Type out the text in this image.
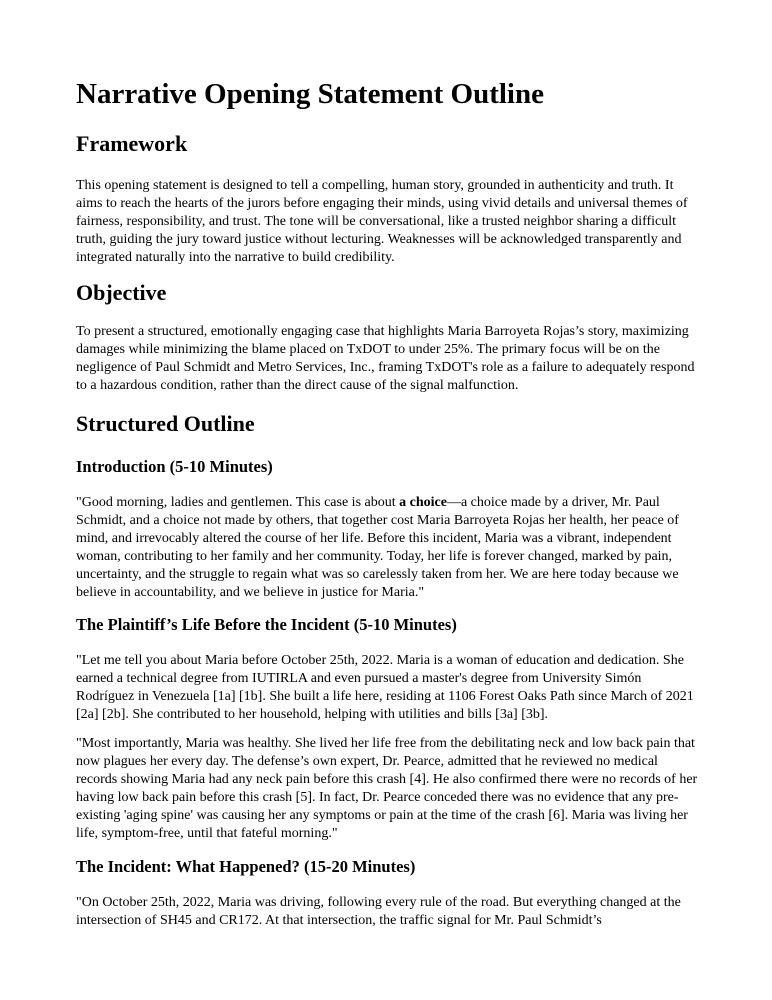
Narrative Opening Statement Outline
Framework

This opening statement is designed to tell a compelling, human story, grounded in authenticity and truth. It aims to reach the hearts of the jurors before engaging their minds, using vivid details and universal themes of fairness, responsibility, and trust. The tone will be conversational, like a trusted neighbor sharing a difficult truth, guiding the jury toward justice without lecturing. Weaknesses will be acknowledged transparently and integrated naturally into the narrative to build credibility.

Objective

To present a structured, emotionally engaging case that highlights Maria Barroyeta Rojas’s story, maximizing damages while minimizing the blame placed on TxDOT to under 25%. The primary focus will be on the negligence of Paul Schmidt and Metro Services, Inc., framing TxDOT's role as a failure to adequately respond to a hazardous condition, rather than the direct cause of the signal malfunction.

Structured Outline
Introduction (5-10 Minutes)

"Good morning, ladies and gentlemen. This case is about a choice—a choice made by a driver, Mr. Paul Schmidt, and a choice not made by others, that together cost Maria Barroyeta Rojas her health, her peace of mind, and irrevocably altered the course of her life. Before this incident, Maria was a vibrant, independent woman, contributing to her family and her community. Today, her life is forever changed, marked by pain, uncertainty, and the struggle to regain what was so carelessly taken from her. We are here today because we believe in accountability, and we believe in justice for Maria."

The Plaintiff’s Life Before the Incident (5-10 Minutes)

"Let me tell you about Maria before October 25th, 2022. Maria is a woman of education and dedication. She earned a technical degree from IUTIRLA and even pursued a master's degree from University Simón Rodríguez in Venezuela [1a] [1b]. She built a life here, residing at 1106 Forest Oaks Path since March of 2021 [2a] [2b]. She contributed to her household, helping with utilities and bills [3a] [3b].

"Most importantly, Maria was healthy. She lived her life free from the debilitating neck and low back pain that now plagues her every day. The defense’s own expert, Dr. Pearce, admitted that he reviewed no medical records showing Maria had any neck pain before this crash [4]. He also confirmed there were no records of her having low back pain before this crash [5]. In fact, Dr. Pearce conceded there was no evidence that any pre-existing 'aging spine' was causing her any symptoms or pain at the time of the crash [6]. Maria was living her life, symptom-free, until that fateful morning."

The Incident: What Happened? (15-20 Minutes)

"On October 25th, 2022, Maria was driving, following every rule of the road. But everything changed at the intersection of SH45 and CR172. At that intersection, the traffic signal for Mr. Paul Schmidt’s
